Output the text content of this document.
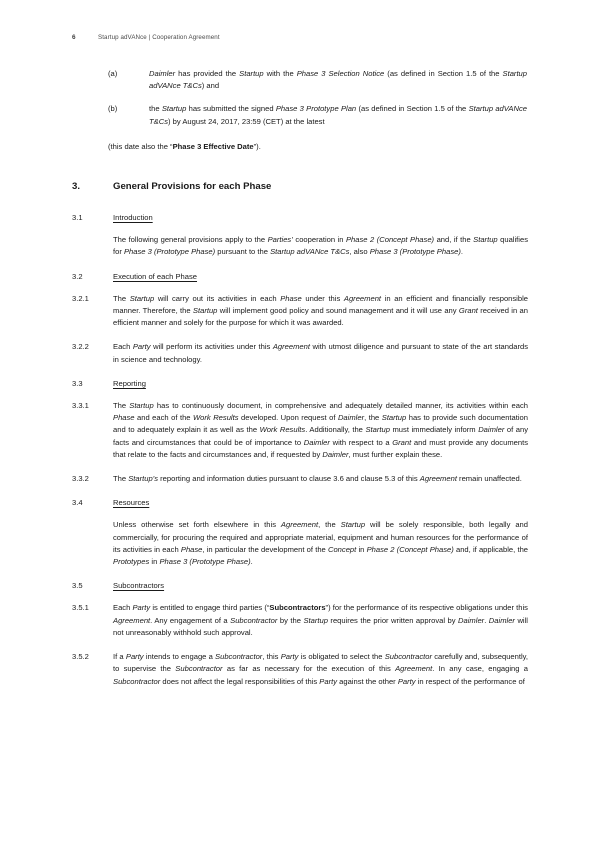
6	Startup adVANce | Cooperation Agreement
(a)	Daimler has provided the Startup with the Phase 3 Selection Notice (as defined in Section 1.5 of the Startup adVANce T&Cs) and
(b)	the Startup has submitted the signed Phase 3 Prototype Plan (as defined in Section 1.5 of the Startup adVANce T&Cs) by August 24, 2017, 23:59 (CET) at the latest

(this date also the “Phase 3 Effective Date”).

3.	General Provisions for each Phase
3.1	Introduction
The following general provisions apply to the Parties’ cooperation in Phase 2 (Concept Phase) and, if the Startup qualifies for Phase 3 (Prototype Phase) pursuant to the Startup adVANce T&Cs, also Phase 3 (Prototype Phase).
3.2	Execution of each Phase
3.2.1	The Startup will carry out its activities in each Phase under this Agreement in an efficient and financially responsible manner. Therefore, the Startup will implement good policy and sound management and it will use any Grant received in an efficient manner and solely for the purpose for which it was awarded.
3.2.2	Each Party will perform its activities under this Agreement with utmost diligence and pursuant to state of the art standards in science and technology.
3.3	Reporting
3.3.1	The Startup has to continuously document, in comprehensive and adequately detailed manner, its activities within each Phase and each of the Work Results developed. Upon request of Daimler, the Startup has to provide such documentation and to adequately explain it as well as the Work Results. Additionally, the Startup must immediately inform Daimler of any facts and circumstances that could be of importance to Daimler with respect to a Grant and must provide any documents that relate to the facts and circumstances and, if requested by Daimler, must further explain these.
3.3.2	The Startup’s reporting and information duties pursuant to clause 3.6 and clause 5.3 of this Agreement remain unaffected.
3.4	Resources
Unless otherwise set forth elsewhere in this Agreement, the Startup will be solely responsible, both legally and commercially, for procuring the required and appropriate material, equipment and human resources for the performance of its activities in each Phase, in particular the development of the Concept in Phase 2 (Concept Phase) and, if applicable, the Prototypes in Phase 3 (Prototype Phase).
3.5	Subcontractors
3.5.1	Each Party is entitled to engage third parties (“Subcontractors”) for the performance of its respective obligations under this Agreement. Any engagement of a Subcontractor by the Startup requires the prior written approval by Daimler. Daimler will not unreasonably withhold such approval.
3.5.2	If a Party intends to engage a Subcontractor, this Party is obligated to select the Subcontractor carefully and, subsequently, to supervise the Subcontractor as far as necessary for the execution of this Agreement. In any case, engaging a Subcontractor does not affect the legal responsibilities of this Party against the other Party in respect of the performance of
